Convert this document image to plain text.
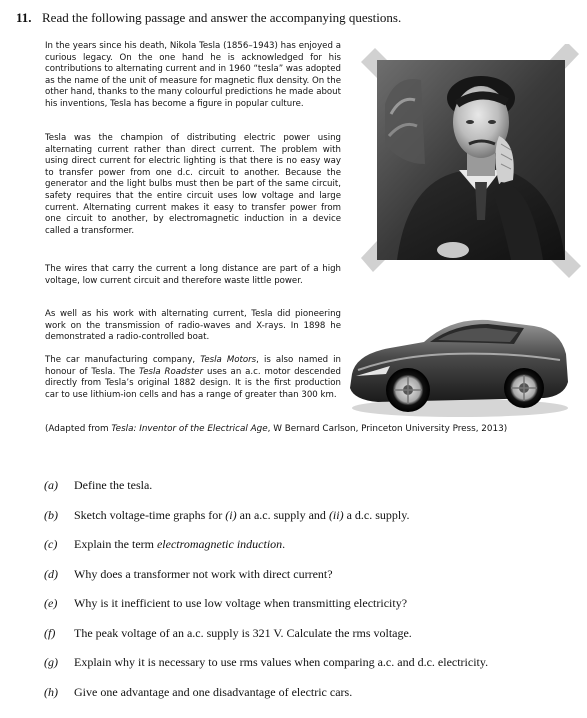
11. Read the following passage and answer the accompanying questions.

In the years since his death, Nikola Tesla (1856–1943) has enjoyed a curious legacy. On the one hand he is acknowledged for his contributions to alternating current and in 1960 “tesla” was adopted as the name of the unit of measure for magnetic flux density. On the other hand, thanks to the many colourful predictions he made about his inventions, Tesla has become a figure in popular culture.

Tesla was the champion of distributing electric power using alternating current rather than direct current. The problem with using direct current for electric lighting is that there is no easy way to transfer power from one d.c. circuit to another. Because the generator and the light bulbs must then be part of the same circuit, safety requires that the entire circuit uses low voltage and large current. Alternating current makes it easy to transfer power from one circuit to another, by electromagnetic induction in a device called a transformer.

The wires that carry the current a long distance are part of a high voltage, low current circuit and therefore waste little power.

As well as his work with alternating current, Tesla did pioneering work on the transmission of radio-waves and X-rays. In 1898 he demonstrated a radio-controlled boat.

The car manufacturing company, Tesla Motors, is also named in honour of Tesla. The Tesla Roadster uses an a.c. motor descended directly from Tesla’s original 1882 design. It is the first production car to use lithium-ion cells and has a range of greater than 300 km.

(Adapted from Tesla: Inventor of the Electrical Age, W Bernard Carlson, Princeton University Press, 2013)
(a)	Define the tesla.
(b)	Sketch voltage-time graphs for (i) an a.c. supply and (ii) a d.c. supply.
(c)	Explain the term electromagnetic induction.
(d)	Why does a transformer not work with direct current?
(e)	Why is it inefficient to use low voltage when transmitting electricity?
(f)	The peak voltage of an a.c. supply is 321 V. Calculate the rms voltage.
(g)	Explain why it is necessary to use rms values when comparing a.c. and d.c. electricity.
(h)	Give one advantage and one disadvantage of electric cars.
